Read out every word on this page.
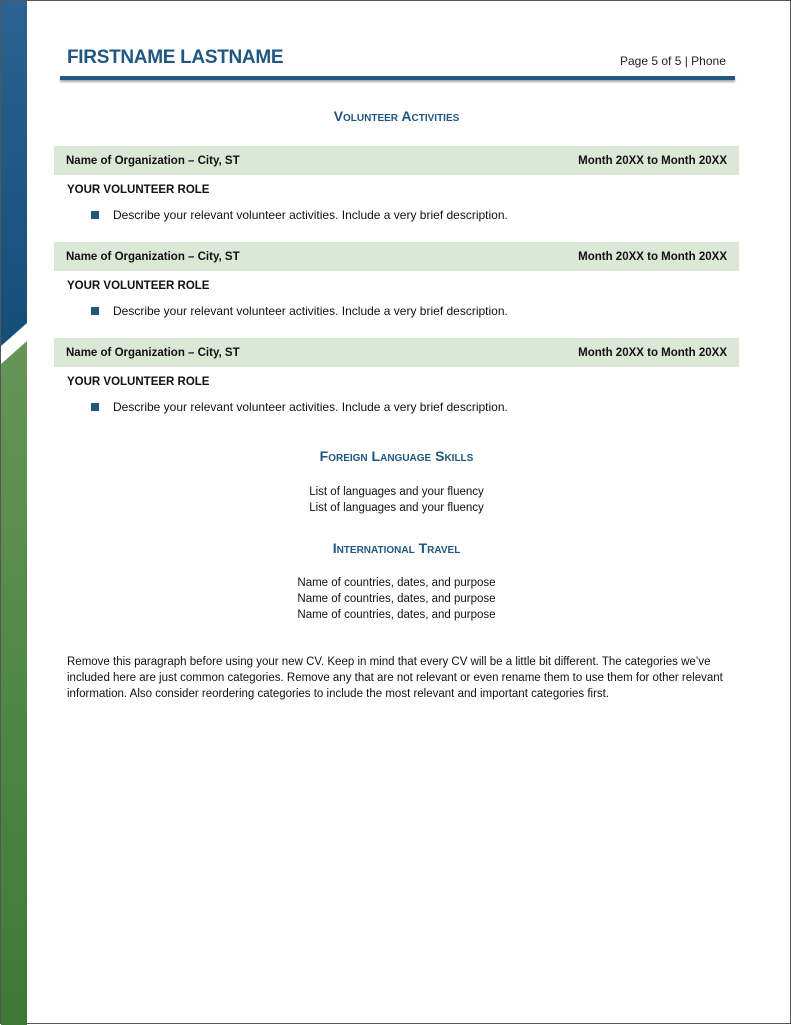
FIRSTNAME LASTNAME	Page 5 of 5 | Phone
Volunteer Activities
Name of Organization – City, ST	Month 20XX to Month 20XX
YOUR VOLUNTEER ROLE
Describe your relevant volunteer activities. Include a very brief description.
Name of Organization – City, ST	Month 20XX to Month 20XX
YOUR VOLUNTEER ROLE
Describe your relevant volunteer activities. Include a very brief description.
Name of Organization – City, ST	Month 20XX to Month 20XX
YOUR VOLUNTEER ROLE
Describe your relevant volunteer activities. Include a very brief description.
Foreign Language Skills
List of languages and your fluency
List of languages and your fluency
International Travel
Name of countries, dates, and purpose
Name of countries, dates, and purpose
Name of countries, dates, and purpose
Remove this paragraph before using your new CV. Keep in mind that every CV will be a little bit different. The categories we’ve included here are just common categories. Remove any that are not relevant or even rename them to use them for other relevant information. Also consider reordering categories to include the most relevant and important categories first.
